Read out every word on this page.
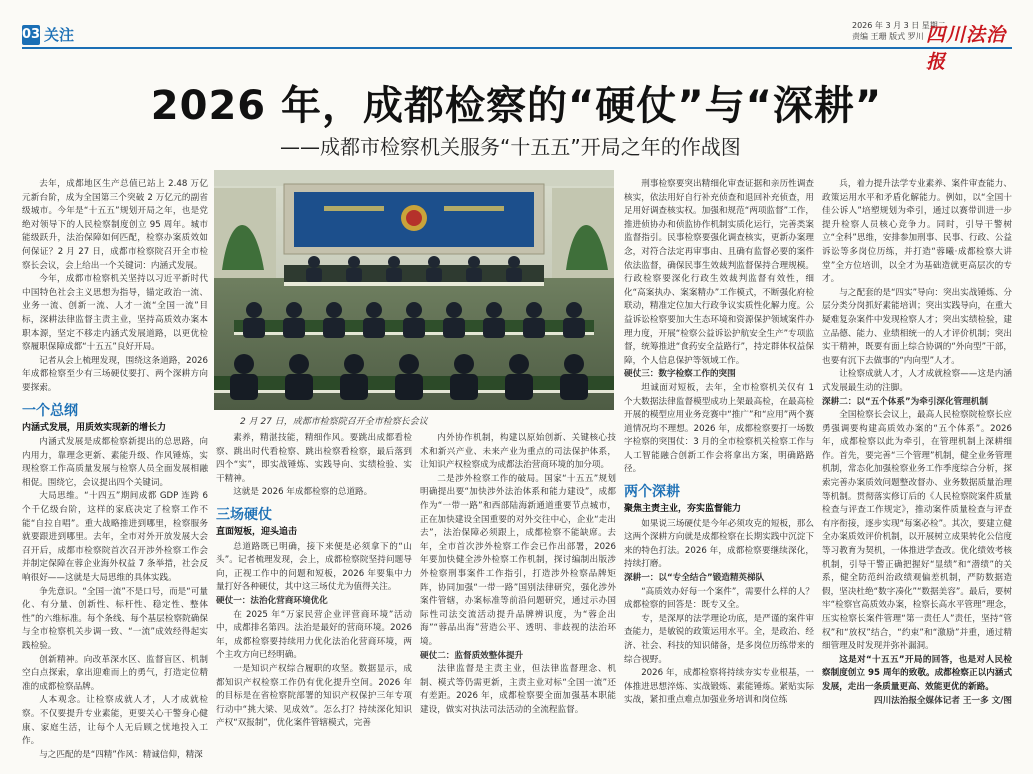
03 关注
2026 年 3 月 3 日 星期二
责编 王珊 版式 罗川 四川法治报
2026 年，成都检察的“硬仗”与“深耕”
——成都市检察机关服务“十五五”开局之年的作战图
2 月 27 日，成都市检察院召开全市检察长会议

去年，成都地区生产总值已站上 2.48 万亿元新台阶，成为全国第三个突破 2 万亿元的副省级城市。今年是“十五五”规划开局之年，也是党绝对领导下的人民检察制度创立 95 周年。城市能级跃升，法治保障如何匹配，检察办案质效如何保证？2 月 27 日，成都市检察院召开全市检察长会议，会上给出一个关键词：内涵式发展。

今年，成都市检察机关坚持以习近平新时代中国特色社会主义思想为指导，锚定政治一流、业务一流、创新一流、人才一流“全国一流”目标，深耕法律监督主责主业，坚持高质效办案本职本源，坚定不移走内涵式发展道路，以更优检察履职保障成都“十五五”良好开局。

记者从会上梳理发现，围绕这条道路，2026 年成都检察至少有三场硬仗要打、两个深耕方向要探索。

一个总纲

内涵式发展，用质效实现新的增长力

内涵式发展是成都检察新提出的总思路，向内用力，靠理念更新、素能升级、作风锤炼，实现检察工作高质量发展与检察人员全面发展相融相促。围绕它，会议提出四个关键词。

大局思维。“十四五”期间成都 GDP 连跨 6 个千亿级台阶，这样的家底决定了检察工作不能“自拉自唱”。重大战略推进到哪里，检察服务就要跟进到哪里。去年，全市对外开放发展大会召开后，成都市检察院首次召开涉外检察工作会并制定保障在蓉企业海外权益 7 条举措，社会反响很好——这就是大局思维的具体实践。

争先意识。“全国一流”不是口号，而是“可量化、有分量、创新性、标杆性、稳定性、整体性”的六维标准。每个条线、每个基层检察院确保与全市检察机关步调一致、“一流”成效经得起实践检验。

创新精神。向改革深水区、监督盲区、机制空白点探索，拿出迎难而上的勇气，打造定位精准的成都检察品牌。

人本观念。让检察成就人才，人才成就检察。不仅要提升专业素能，更要关心干警身心健康、家庭生活，让每个人无后顾之忧地投入工作。

与之匹配的是“四精”作风：精诚信仰，精深

素养，精湛技能，精细作风。要跳出成都看检察、跳出时代看检察、跳出检察看检察，最后落到四个“实”，即实战锤炼、实践导向、实绩检验、实干精神。

这就是 2026 年成都检察的总道路。

三场硬仗

直面短板，迎头追击

总道路既已明确，接下来便是必须拿下的“山头”。记者梳理发现，会上，成都检察院坚持问题导向，正视工作中的问题和短板，2026 年要集中力量打好各种硬仗，其中这三场仗尤为值得关注。

硬仗一：法治化营商环境优化

在 2025 年“万家民营企业评营商环境”活动中，成都排名第四。法治是最好的营商环境。2026 年，成都检察要持续用力优化法治化营商环境，两个主攻方向已经明确。

一是知识产权综合履职的攻坚。数据显示，成都知识产权检察工作仍有优化提升空间。2026 年的目标是在省检察院部署的知识产权保护三年专项行动中“挑大梁、见成效”。怎么打？持续深化知识产权“双报制”，优化案件管辖模式，完善

内外协作机制，构建以原始创新、关键核心技术和新兴产业、未来产业为重点的司法保护体系，让知识产权检察成为成都法治营商环境的加分项。

二是涉外检察工作的破局。国家“十五五”规划明确提出要“加快涉外法治体系和能力建设”，成都作为“一带一路”和西部陆海新通道重要节点城市，正在加快建设全国重要的对外交往中心，企业“走出去”，法治保障必须跟上，成都检察不能缺席。去年，全市首次涉外检察工作会已作出部署，2026 年要加快健全涉外检察工作机制，探讨编制出版涉外检察刑事案件工作指引，打造涉外检察品牌矩阵，协同加强“一带一路”国别法律研究，强化涉外案件管辖，办案标准等前沿问题研究，通过示办国际性司法交流活动提升品牌辨识度，为“蓉企出海”“蓉品出海”营造公平、透明、非歧视的法治环境。

硬仗二：监督质效整体提升

法律监督是主责主业，但法律监督理念、机制、模式等仍需更新，主责主业对标“全国一流”还有差距。2026 年，成都检察要全面加强基本职能建设，做实对执法司法活动的全流程监督。

刑事检察要突出精细化审查证据和亲历性调查核实，依法用好自行补充侦查和退回补充侦查，用足用好调查核实权。加强和规范“两项监督”工作，推进侦协办和侦监协作机制实质化运行，完善类案监督指引。民事检察要强化调查核实，更新办案理念，对符合法定再审事由、且确有监督必要的案件依法监督，确保民事生效裁判监督保持合理规模。行政检察要深化行政生效裁判监督有效性，细化“高案执办、案案精办”工作模式，不断强化府检联动，精准定位加大行政争议实质性化解力度。公益诉讼检察要加大生态环境和资源保护领域案件办理力度，开展“检察公益诉讼护航安全生产”专项监督，统筹推进“食药安全益路行”，持定群体权益保障，个人信息保护等领域工作。

硬仗三：数字检察工作的突围

坦诚面对短板，去年，全市检察机关仅有 1 个大数据法律监督模型成功上架最高检，在最高检开展的模型应用业务竞赛中“推广”和“应用”两个赛道情况均不理想。2026 年，成都检察要打一场数字检察的突围仗：3 月的全市检察机关检察工作与人工智能融合创新工作会将拿出方案，明确路路径。

两个深耕

聚焦主责主业，夯实监督能力

如果说三场硬仗是今年必须攻克的短板，那么这两个深耕方向就是成都检察在长期实践中沉淀下来的特色打法。2026 年，成都检察要继续深化，持续打磨。

深耕一：以“专全结合”锻造精英梯队

“高质效办好每一个案件”，需要什么样的人？成都检察的回答是：既专又全。

专，是深厚的法学理论功底，是严谨的案件审查能力，是敏锐的政策运用水平。全，是政治、经济、社会、科技的知识储备，是多岗位历练带来的综合视野。

2026 年，成都检察将持续夯实专业根基，一体推进思想淬炼、实战锻炼、素能锤炼。紧贴实际实战，紧扣重点难点加强业务培训和岗位练

兵，着力提升法学专业素养、案件审查能力、政策运用水平和矛盾化解能力。例如，以“全国十佳公诉人”培塑规划为牵引，通过以赛带训进一步提升检察人员核心竞争力。同时，引导干警树立“全科”思维，安排参加刑事、民事、行政、公益诉讼等多岗位历练，并打造“蓉曦·成都检察大讲堂”全方位培训，以全才为基础造就更高层次的专才。

与之配套的是“四实”导向：突出实战锤炼、分层分类分岗抓好素能培训；突出实践导向，在重大疑难复杂案件中发现检察人才；突出实绩检验，建立品德、能力、业绩相统一的人才评价机制；突出实干精神，既要有面上综合协调的“外向型”干部，也要有沉下去做事的“内向型”人才。

让检察成就人才，人才成就检察——这是内涵式发展最生动的注脚。

深耕二：以“五个体系”为牵引深化管理机制

全国检察长会议上，最高人民检察院检察长应勇强调要构建高质效办案的“五个体系”。2026 年，成都检察以此为牵引，在管理机制上深耕细作。首先，要完善“三个管理”机制，健全业务管理机制，常态化加强检察业务工作季度综合分析，探索完善办案质效问题整改督办、业务数据质量治理等机制。贯彻落实修订后的《人民检察院案件质量检查与评查工作规定》，推动案件质量检查与评查有序衔接，逐步实现“每案必检”。其次，要建立健全办案质效评价机制，以开展树立成果转化公信度等习教育为契机，一体推进学查改。优化绩效考核机制，引导干警正确把握好“显绩”和“潜绩”的关系，健全防范纠治政绩观偏差机制，严防数据造假，坚决杜绝“数字凑化”“数据美容”。最后，要树牢“检察官高质效办案，检察长高水平管理”理念，压实检察长案件管理“第一责任人”责任，坚持“管权”和“放权”结合，“约束”和“激励”并重，通过精细管理及时发现并弥补漏洞。

这是对“十五五”开局的回答，也是对人民检察制度创立 95 周年的致敬。成都检察正以内涵式发展，走出一条质量更高、效能更优的新路。

四川法治报全媒体记者 王一多 文/图
